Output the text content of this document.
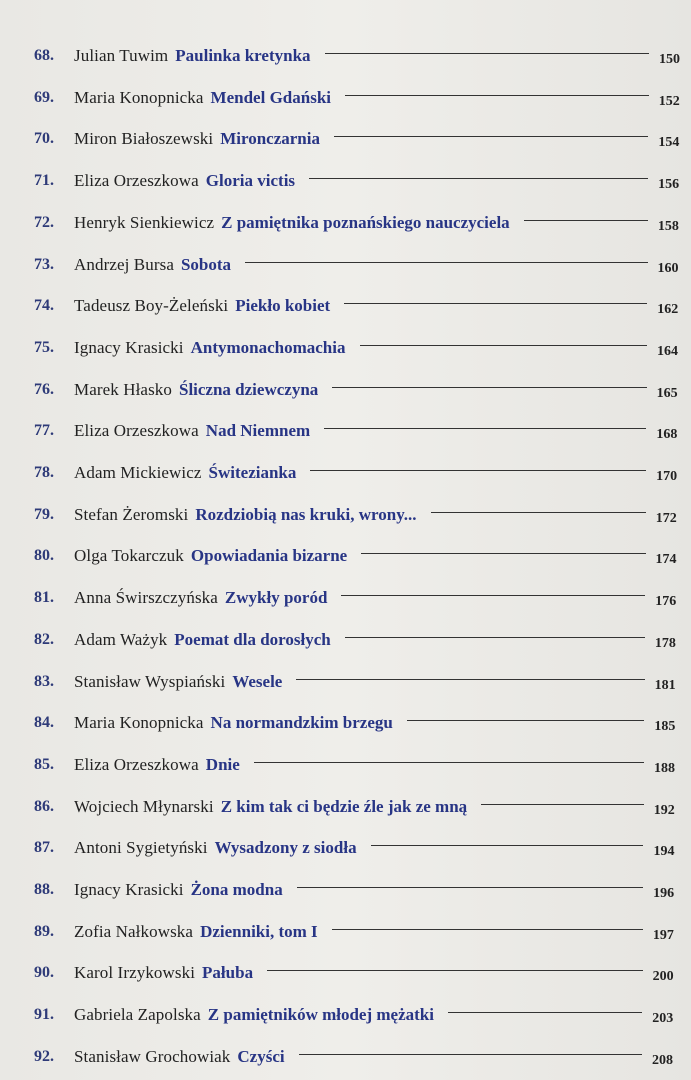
68. Julian Tuwim Paulinka kretynka	150
69. Maria Konopnicka Mendel Gdański	152
70. Miron Białoszewski Mironczarnia	154
71. Eliza Orzeszkowa Gloria victis	156
72. Henryk Sienkiewicz Z pamiętnika poznańskiego nauczyciela	158
73. Andrzej Bursa Sobota	160
74. Tadeusz Boy-Żeleński Piekło kobiet	162
75. Ignacy Krasicki Antymonachomachia	164
76. Marek Hłasko Śliczna dziewczyna	165
77. Eliza Orzeszkowa Nad Niemnem	168
78. Adam Mickiewicz Świtezianka	170
79. Stefan Żeromski Rozdziobią nas kruki, wrony...	172
80. Olga Tokarczuk Opowiadania bizarne	174
81. Anna Świrszczyńska Zwykły poród	176
82. Adam Ważyk Poemat dla dorosłych	178
83. Stanisław Wyspiański Wesele	181
84. Maria Konopnicka Na normandzkim brzegu	185
85. Eliza Orzeszkowa Dnie	188
86. Wojciech Młynarski Z kim tak ci będzie źle jak ze mną	192
87. Antoni Sygietyński Wysadzony z siodła	194
88. Ignacy Krasicki Żona modna	196
89. Zofia Nałkowska Dzienniki, tom I	197
90. Karol Irzykowski Pałuba	200
91. Gabriela Zapolska Z pamiętników młodej mężatki	203
92. Stanisław Grochowiak Czyści	208
